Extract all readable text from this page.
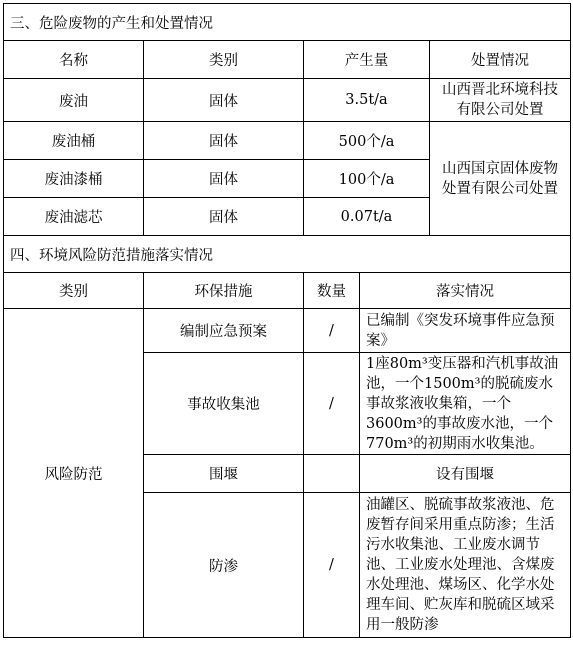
三、危险废物的产生和处置情况				
名称	类别	产生量		处置情况
废油	固体	3.5t/a		山西晋北环境科技有限公司处置
废油桶	固体	500个/a		山西国京固体废物处置有限公司处置
废油漆桶	固体	100个/a		
废油滤芯	固体	0.07t/a		
四、环境风险防范措施落实情况				
类别	环保措施	数量	落实情况	
风险防范	编制应急预案	/	已编制《突发环境事件应急预案》	
	事故收集池	/	1座80m³变压器和汽机事故油池，一个1500m³的脱硫废水事故浆液收集箱，一个3600m³的事故废水池，一个770m³的初期雨水收集池。	
	围堰		设有围堰	
	防渗	/	油罐区、脱硫事故浆液池、危废暂存间采用重点防渗；生活污水收集池、工业废水调节池、工业废水处理池、含煤废水处理池、煤场区、化学水处理车间、贮灰库和脱硫区域采用一般防渗	
